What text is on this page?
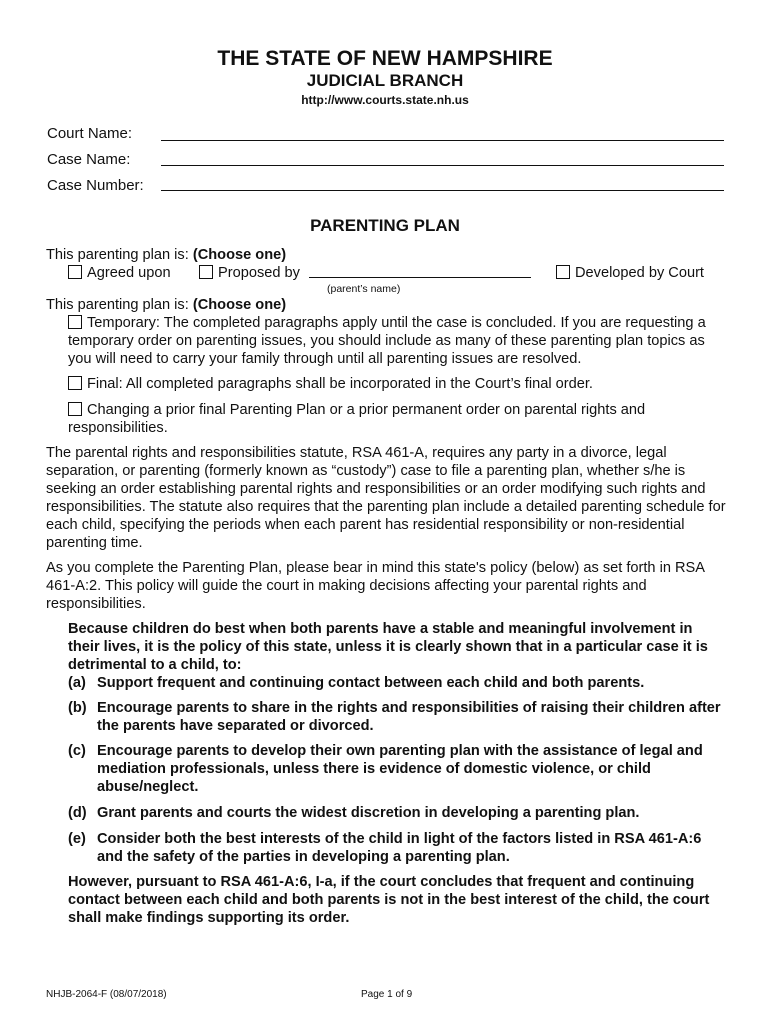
THE STATE OF NEW HAMPSHIRE
JUDICIAL BRANCH
http://www.courts.state.nh.us
Court Name:
Case Name:
Case Number:
PARENTING PLAN
This parenting plan is: (Choose one)
Agreed upon	Proposed by
(parent’s name)
Developed by Court
This parenting plan is: (Choose one)
Temporary: The completed paragraphs apply until the case is concluded. If you are requesting a temporary order on parenting issues, you should include as many of these parenting plan topics as you will need to carry your family through until all parenting issues are resolved.
Final: All completed paragraphs shall be incorporated in the Court’s final order.
Changing a prior final Parenting Plan or a prior permanent order on parental rights and responsibilities.
The parental rights and responsibilities statute, RSA 461-A, requires any party in a divorce, legal separation, or parenting (formerly known as “custody”) case to file a parenting plan, whether s/he is seeking an order establishing parental rights and responsibilities or an order modifying such rights and responsibilities. The statute also requires that the parenting plan include a detailed parenting schedule for each child, specifying the periods when each parent has residential responsibility or non-residential parenting time.
As you complete the Parenting Plan, please bear in mind this state's policy (below) as set forth in RSA 461-A:2. This policy will guide the court in making decisions affecting your parental rights and responsibilities.
Because children do best when both parents have a stable and meaningful involvement in their lives, it is the policy of this state, unless it is clearly shown that in a particular case it is detrimental to a child, to:
(a) Support frequent and continuing contact between each child and both parents.
(b) Encourage parents to share in the rights and responsibilities of raising their children after the parents have separated or divorced.
(c) Encourage parents to develop their own parenting plan with the assistance of legal and mediation professionals, unless there is evidence of domestic violence, or child abuse/neglect.
(d) Grant parents and courts the widest discretion in developing a parenting plan.
(e) Consider both the best interests of the child in light of the factors listed in RSA 461-A:6 and the safety of the parties in developing a parenting plan.
However, pursuant to RSA 461-A:6, I-a, if the court concludes that frequent and continuing contact between each child and both parents is not in the best interest of the child, the court shall make findings supporting its order.
NHJB-2064-F (08/07/2018)	Page 1 of 9
